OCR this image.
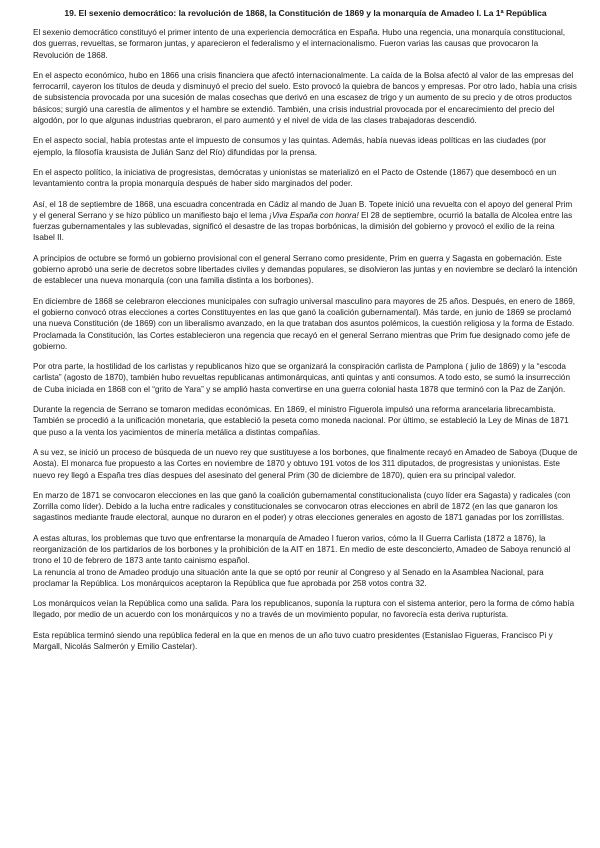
19. El sexenio democrático: la revolución de 1868, la Constitución de 1869 y la monarquía de Amadeo I. La 1ª República

El sexenio democrático constituyó el primer intento de una experiencia democrática en España. Hubo una regencia, una monarquía constitucional, dos guerras, revueltas, se formaron juntas, y aparecieron el federalismo y el internacionalismo. Fueron varias las causas que provocaron la Revolución de 1868.

En el aspecto económico, hubo en 1866 una crisis financiera que afectó internacionalmente. La caída de la Bolsa afectó al valor de las empresas del ferrocarril, cayeron los títulos de deuda y disminuyó el precio del suelo. Esto provocó la quiebra de bancos y empresas. Por otro lado, había una crisis de subsistencia provocada por una sucesión de malas cosechas que derivó en una escasez de trigo y un aumento de su precio y de otros productos básicos; surgió una carestía de alimentos y el hambre se extendió. También, una crisis industrial provocada por el encarecimiento del precio del algodón, por lo que algunas industrias quebraron, el paro aumentó y el nivel de vida de las clases trabajadoras descendió.

En el aspecto social, había protestas ante el impuesto de consumos y las quintas. Además, había nuevas ideas políticas en las ciudades (por ejemplo, la filosofía krausista de Julián Sanz del Río) difundidas por la prensa.

En el aspecto político, la iniciativa de progresistas, demócratas y unionistas se materializó en el Pacto de Ostende (1867) que desembocó en un levantamiento contra la propia monarquía después de haber sido marginados del poder.

Así, el 18 de septiembre de 1868, una escuadra concentrada en Cádiz al mando de Juan B. Topete inició una revuelta con el apoyo del general Prim y el general Serrano y se hizo público un manifiesto bajo el lema ¡Viva España con honra! El 28 de septiembre, ocurrió la batalla de Alcolea entre las fuerzas gubernamentales y las sublevadas, significó el desastre de las tropas borbónicas, la dimisión del gobierno y provocó el exilio de la reina Isabel II.

A principios de octubre se formó un gobierno provisional con el general Serrano como presidente, Prim en guerra y Sagasta en gobernación. Este gobierno aprobó una serie de decretos sobre libertades civiles y demandas populares, se disolvieron las juntas y en noviembre se declaró la intención de establecer una nueva monarquía (con una familia distinta a los borbones).

En diciembre de 1868 se celebraron elecciones municipales con sufragio universal masculino para mayores de 25 años. Después, en enero de 1869, el gobierno convocó otras elecciones a cortes Constituyentes en las que ganó la coalición gubernamental). Más tarde, en junio de 1869 se proclamó una nueva Constitución (de 1869) con un liberalismo avanzado, en la que trataban dos asuntos polémicos, la cuestión religiosa y la forma de Estado. Proclamada la Constitución, las Cortes establecieron una regencia que recayó en el general Serrano mientras que Prim fue designado como jefe de gobierno.

Por otra parte, la hostilidad de los carlistas y republicanos hizo que se organizará la conspiración carlista de Pamplona ( julio de 1869) y la “escoda carlista” (agosto de 1870), también hubo revueltas republicanas antimonárquicas, anti quintas y anti consumos. A todo esto, se sumó la insurrección de Cuba iniciada en 1868 con el “grito de Yara” y se amplió hasta convertirse en una guerra colonial hasta 1878 que terminó con la Paz de Zanjón.

Durante la regencia de Serrano se tomaron medidas económicas. En 1869, el ministro Figuerola impulsó una reforma arancelaria librecambista. También se procedió a la unificación monetaria, que estableció la peseta como moneda nacional. Por último, se estableció la Ley de Minas de 1871 que puso a la venta los yacimientos de minería metálica a distintas compañías.

A su vez, se inició un proceso de búsqueda de un nuevo rey que sustituyese a los borbones, que finalmente recayó en Amadeo de Saboya (Duque de Aosta). El monarca fue propuesto a las Cortes en noviembre de 1870 y obtuvo 191 votos de los 311 diputados, de progresistas y unionistas. Este nuevo rey llegó a España tres días despues del asesinato del general Prim (30 de diciembre de 1870), quien era su principal valedor.

En marzo de 1871 se convocaron elecciones en las que ganó la coalición gubernamental constitucionalista (cuyo líder era Sagasta) y radicales (con Zorrilla como líder). Debido a la lucha entre radicales y constitucionales se convocaron otras elecciones en abril de 1872 (en las que ganaron los sagastinos mediante fraude electoral, aunque no duraron en el poder) y otras elecciones generales en agosto de 1871 ganadas por los zorrillistas.

A estas alturas, los problemas que tuvo que enfrentarse la monarquía de Amadeo I fueron varios, cómo la II Guerra Carlista (1872 a 1876), la reorganización de los partidarios de los borbones y la prohibición de la AIT en 1871. En medio de este desconcierto, Amadeo de Saboya renunció al trono el 10 de febrero de 1873 ante tanto cainismo español.

La renuncia al trono de Amadeo produjo una situación ante la que se optó por reunir al Congreso y al Senado en la Asamblea Nacional, para proclamar la República. Los monárquicos aceptaron la República que fue aprobada por 258 votos contra 32.

Los monárquicos veían la República como una salida. Para los republicanos, suponía la ruptura con el sistema anterior, pero la forma de cómo había llegado, por medio de un acuerdo con los monárquicos y no a través de un movimiento popular, no favorecía esta deriva rupturista.

Esta república terminó siendo una república federal en la que en menos de un año tuvo cuatro presidentes (Estanislao Figueras, Francisco Pi y Margall, Nicolás Salmerón y Emilio Castelar).
